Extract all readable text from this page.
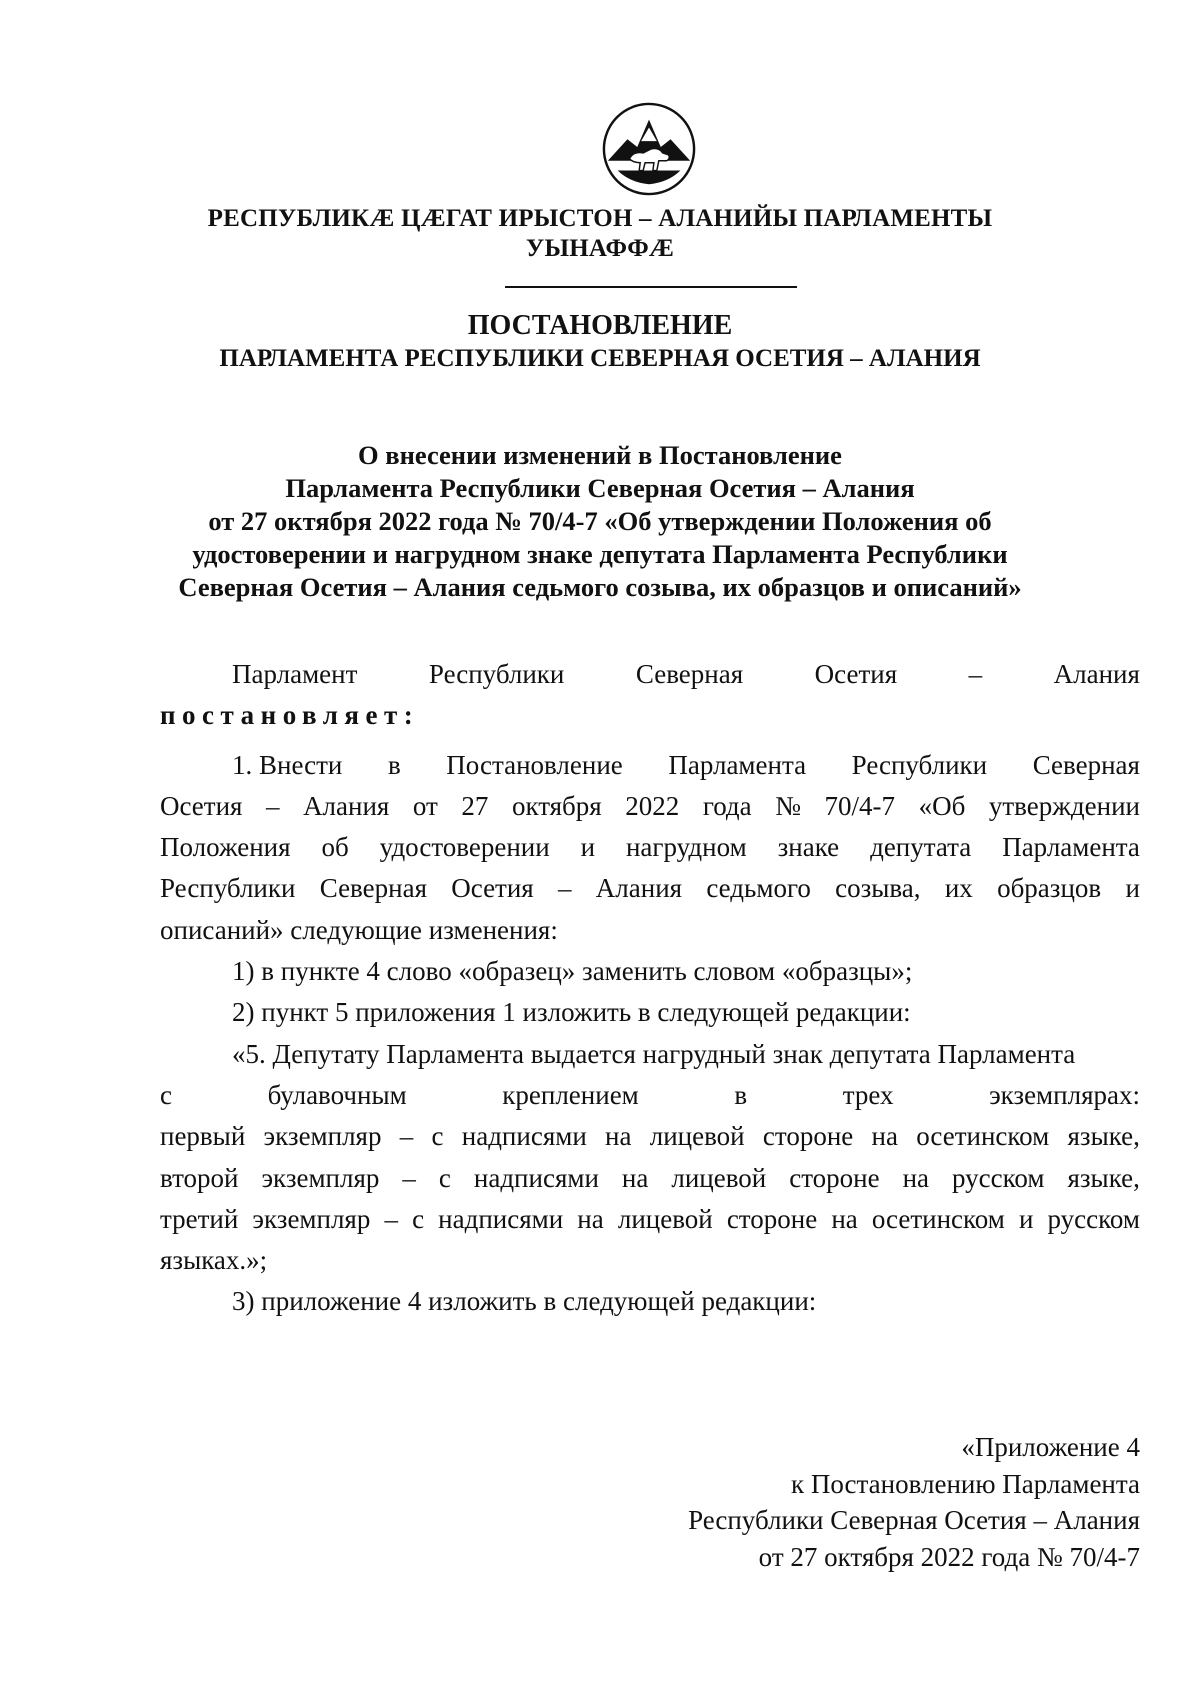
РЕСПУБЛИКӔ ЦӔГАТ ИРЫСТОН – АЛАНИЙЫ ПАРЛАМЕНТЫ
УЫНАФФӔ
ПОСТАНОВЛЕНИЕ
ПАРЛАМЕНТА РЕСПУБЛИКИ СЕВЕРНАЯ ОСЕТИЯ – АЛАНИЯ
О внесении изменений в Постановление
Парламента Республики Северная Осетия – Алания
от 27 октября 2022 года № 70/4-7 «Об утверждении Положения об
удостоверении и нагрудном знаке депутата Парламента Республики
Северная Осетия – Алания седьмого созыва, их образцов и описаний»
Парламент	Республики	Северная	Осетия	–	Алания
постановляет:
1. Внести в Постановление Парламента Республики Северная
Осетия – Алания от 27 октября 2022 года № 70/4-7 «Об утверждении
Положения об удостоверении и нагрудном знаке депутата Парламента
Республики Северная Осетия – Алания седьмого созыва, их образцов и
описаний» следующие изменения:
1) в пункте 4 слово «образец» заменить словом «образцы»;
2) пункт 5 приложения 1 изложить в следующей редакции:
«5. Депутату Парламента выдается нагрудный знак депутата Парламента
с	булавочным	креплением	в	трех	экземплярах:
первый экземпляр – с надписями на лицевой стороне на осетинском языке,
второй экземпляр – с надписями на лицевой стороне на русском языке,
третий экземпляр – с надписями на лицевой стороне на осетинском и русском
языках.»;
3) приложение 4 изложить в следующей редакции:
«Приложение 4
к Постановлению Парламента
Республики Северная Осетия – Алания
от 27 октября 2022 года № 70/4-7
